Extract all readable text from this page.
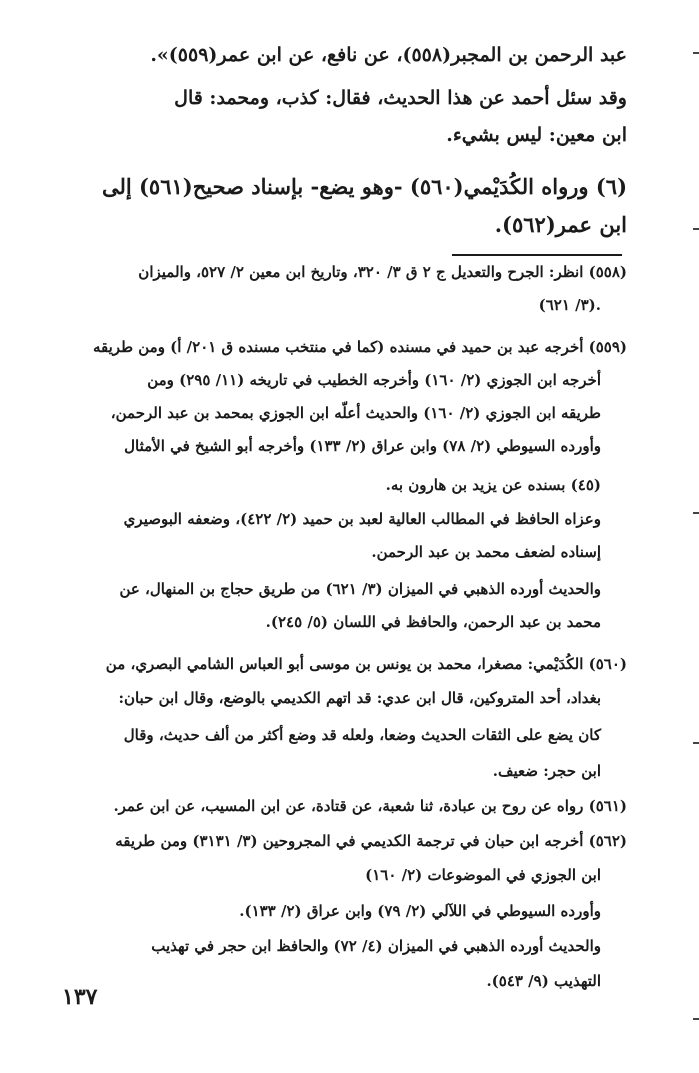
عبد الرحمن بن المجبر(٥٥٨)، عن نافع، عن ابن عمر(٥٥٩)».
وقد سئل أحمد عن هذا الحديث، فقال: كذب، ومحمد: قال
ابن معين: ليس بشيء.
(٦) ورواه الكُدَيْمي(٥٦٠) -وهو يضع- بإسناد صحيح(٥٦١) إلى
ابن عمر(٥٦٢).
(٥٥٨) انظر: الجرح والتعديل ج ٢ ق ٣/ ٣٢٠، وتاريخ ابن معين ٢/ ٥٢٧، والميزان
(٣/ ٦٢١).
(٥٥٩) أخرجه عبد بن حميد في مسنده (كما في منتخب مسنده ق ٢٠١/ أ) ومن طريقه
أخرجه ابن الجوزي (٢/ ١٦٠) وأخرجه الخطيب في تاريخه (١١/ ٢٩٥) ومن
طريقه ابن الجوزي (٢/ ١٦٠) والحديث أعلّه ابن الجوزي بمحمد بن عبد الرحمن،
وأورده السيوطي (٢/ ٧٨) وابن عراق (٢/ ١٣٣) وأخرجه أبو الشيخ في الأمثال
(٤٥) بسنده عن يزيد بن هارون به.
وعزاه الحافظ في المطالب العالية لعبد بن حميد (٢/ ٤٢٢)، وضعفه البوصيري
إسناده لضعف محمد بن عبد الرحمن.
والحديث أورده الذهبي في الميزان (٣/ ٦٢١) من طريق حجاج بن المنهال، عن
محمد بن عبد الرحمن، والحافظ في اللسان (٥/ ٢٤٥).
(٥٦٠) الكُدَيْمي: مصغرا، محمد بن يونس بن موسى أبو العباس الشامي البصري، من
بغداد، أحد المتروكين، قال ابن عدي: قد اتهم الكديمي بالوضع، وقال ابن حبان:
كان يضع على الثقات الحديث وضعا، ولعله قد وضع أكثر من ألف حديث، وقال
ابن حجر: ضعيف.
(٥٦١) رواه عن روح بن عبادة، ثنا شعبة، عن قتادة، عن ابن المسيب، عن ابن عمر.
(٥٦٢) أخرجه ابن حبان في ترجمة الكديمي في المجروحين (٣/ ٣١٣١) ومن طريقه
ابن الجوزي في الموضوعات (٢/ ١٦٠)
وأورده السيوطي في اللآلي (٢/ ٧٩) وابن عراق (٢/ ١٣٣).
والحديث أورده الذهبي في الميزان (٤/ ٧٢) والحافظ ابن حجر في تهذيب
التهذيب (٩/ ٥٤٣).
١٣٧
